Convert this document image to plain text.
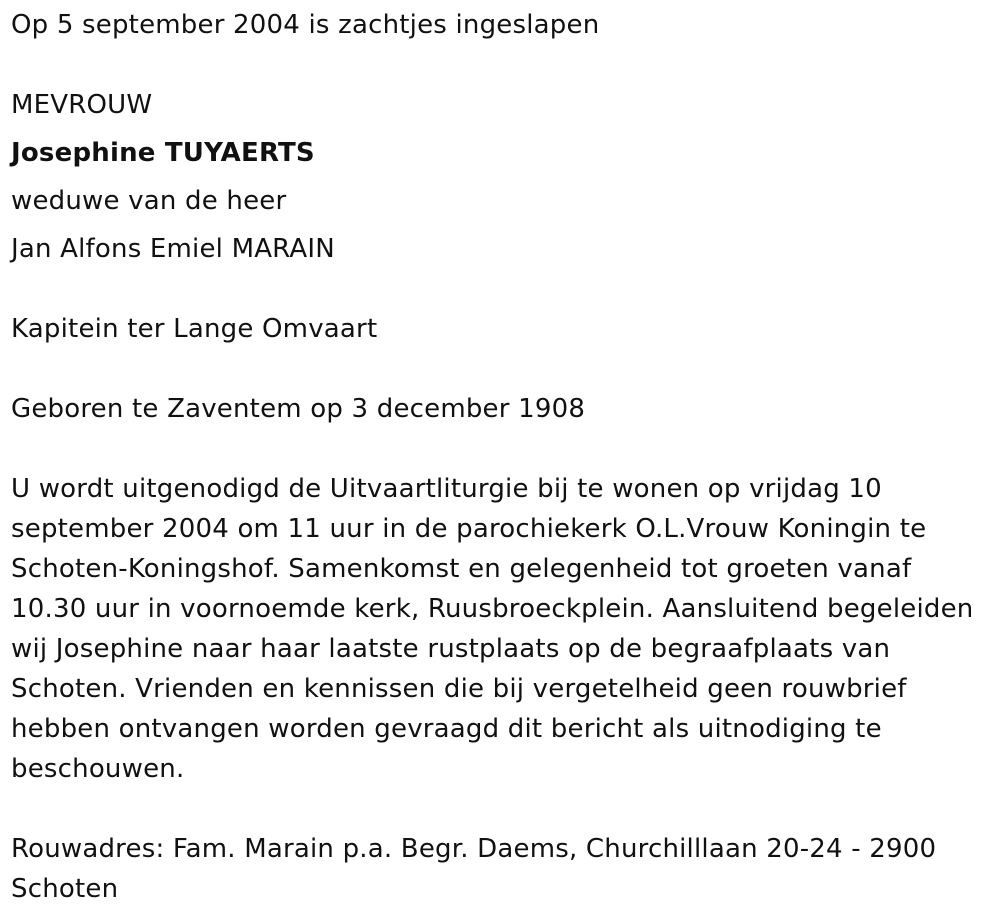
Op 5 september 2004 is zachtjes ingeslapen
MEVROUW
Josephine TUYAERTS
weduwe van de heer
Jan Alfons Emiel MARAIN
Kapitein ter Lange Omvaart
Geboren te Zaventem op 3 december 1908
U wordt uitgenodigd de Uitvaartliturgie bij te wonen op vrijdag 10
september 2004 om 11 uur in de parochiekerk O.L.Vrouw Koningin te
Schoten-Koningshof. Samenkomst en gelegenheid tot groeten vanaf
10.30 uur in voornoemde kerk, Ruusbroeckplein. Aansluitend begeleiden
wij Josephine naar haar laatste rustplaats op de begraafplaats van
Schoten. Vrienden en kennissen die bij vergetelheid geen rouwbrief
hebben ontvangen worden gevraagd dit bericht als uitnodiging te
beschouwen.
Rouwadres: Fam. Marain p.a. Begr. Daems, Churchilllaan 20-24 - 2900
Schoten
